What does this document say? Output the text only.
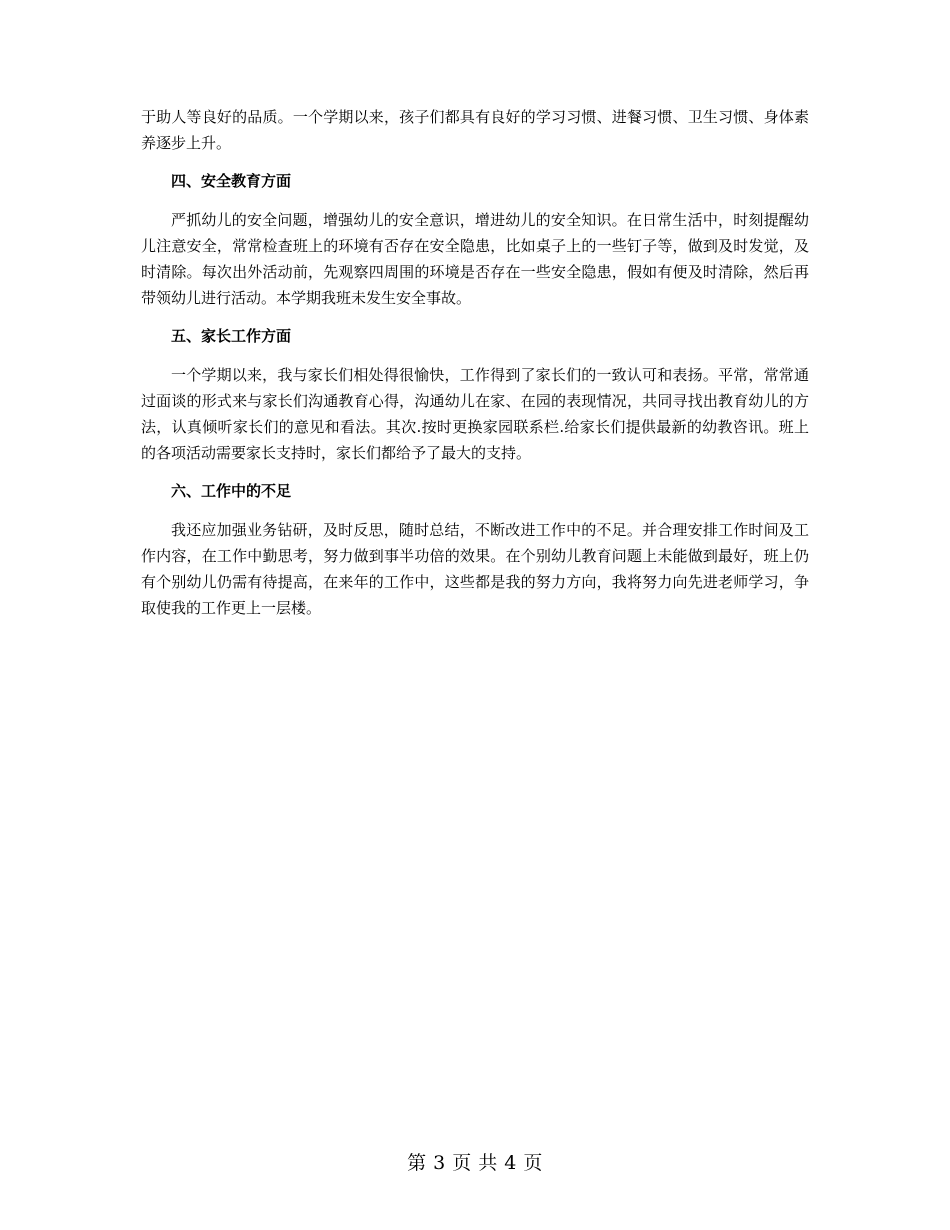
于助人等良好的品质。一个学期以来，孩子们都具有良好的学习习惯、进餐习惯、卫生习惯、身体素养逐步上升。

四、安全教育方面

严抓幼儿的安全问题，增强幼儿的安全意识，增进幼儿的安全知识。在日常生活中，时刻提醒幼儿注意安全，常常检查班上的环境有否存在安全隐患，比如桌子上的一些钉子等，做到及时发觉，及时清除。每次出外活动前，先观察四周围的环境是否存在一些安全隐患，假如有便及时清除，然后再带领幼儿进行活动。本学期我班未发生安全事故。

五、家长工作方面

一个学期以来，我与家长们相处得很愉快，工作得到了家长们的一致认可和表扬。平常，常常通过面谈的形式来与家长们沟通教育心得，沟通幼儿在家、在园的表现情况，共同寻找出教育幼儿的方法，认真倾听家长们的意见和看法。其次.按时更换家园联系栏.给家长们提供最新的幼教咨讯。班上的各项活动需要家长支持时，家长们都给予了最大的支持。

六、工作中的不足

我还应加强业务钻研，及时反思，随时总结，不断改进工作中的不足。并合理安排工作时间及工作内容，在工作中勤思考，努力做到事半功倍的效果。在个别幼儿教育问题上未能做到最好，班上仍有个别幼儿仍需有待提高，在来年的工作中，这些都是我的努力方向，我将努力向先进老师学习，争取使我的工作更上一层楼。

第 3 页 共 4 页
